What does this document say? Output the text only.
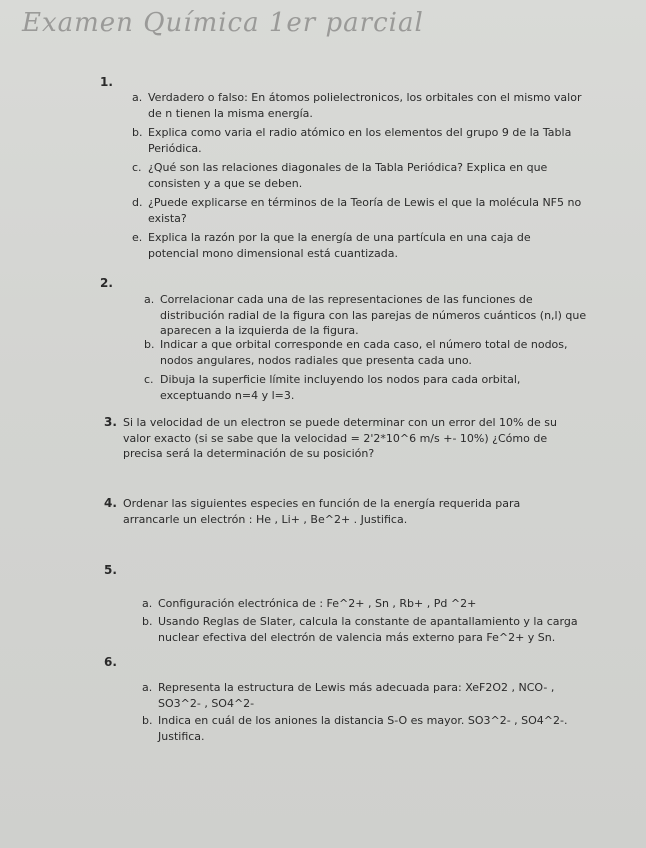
Examen Química 1er parcial
1.
a. Verdadero o falso: En átomos polielectronicos, los orbitales con el mismo valor de n tienen la misma energía.
b. Explica como varia el radio atómico en los elementos del grupo 9 de la Tabla Periódica.
c. ¿Qué son las relaciones diagonales de la Tabla Periódica? Explica en que consisten y a que se deben.
d. ¿Puede explicarse en términos de la Teoría de Lewis el que la molécula NF5 no exista?
e. Explica la razón por la que la energía de una partícula en una caja de potencial mono dimensional está cuantizada.
2.
a. Correlacionar cada una de las representaciones de las funciones de distribución radial de la figura con las parejas de números cuánticos (n,l) que aparecen a la izquierda de la figura.
b. Indicar a que orbital corresponde en cada caso, el número total de nodos, nodos angulares, nodos radiales que presenta cada uno.
c. Dibuja la superficie límite incluyendo los nodos para cada orbital, exceptuando n=4 y l=3.
3. Si la velocidad de un electron se puede determinar con un error del 10% de su valor exacto (si se sabe que la velocidad = 2'2*10^6 m/s +- 10%) ¿Cómo de precisa será la determinación de su posición?
4. Ordenar las siguientes especies en función de la energía requerida para arrancarle un electrón : He , Li+ , Be^2+ . Justifica.
5.
a. Configuración electrónica de : Fe^2+ , Sn , Rb+ , Pd ^2+
b. Usando Reglas de Slater, calcula la constante de apantallamiento y la carga nuclear efectiva del electrón de valencia más externo para Fe^2+ y Sn.
6.
a. Representa la estructura de Lewis más adecuada para: XeF2O2 , NCO- , SO3^2- , SO4^2-
b. Indica en cuál de los aniones la distancia S-O es mayor. SO3^2- , SO4^2-. Justifica.
